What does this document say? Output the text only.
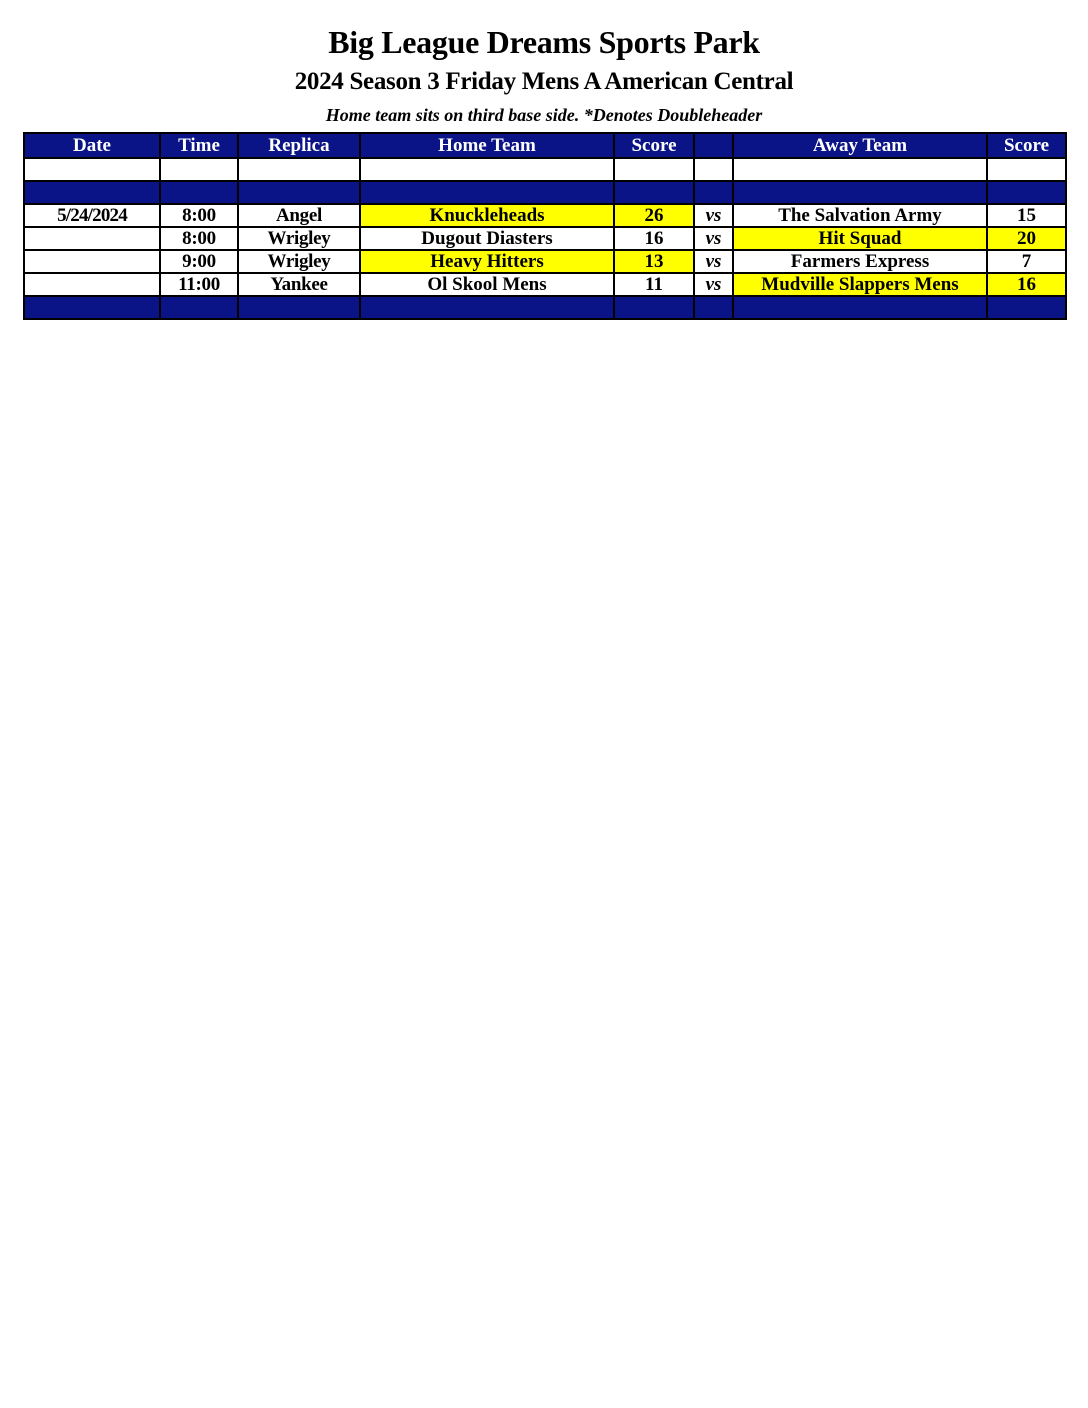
Big League Dreams Sports Park
2024 Season 3 Friday Mens A American Central
Home team sits on third base side. *Denotes Doubleheader
Date	Time	Replica	Home Team	Score		Away Team	Score

5/24/2024	8:00	Angel	Knuckleheads	26	vs	The Salvation Army	15
	8:00	Wrigley	Dugout Diasters	16	vs	Hit Squad	20
	9:00	Wrigley	Heavy Hitters	13	vs	Farmers Express	7
	11:00	Yankee	Ol Skool Mens	11	vs	Mudville Slappers Mens	16
